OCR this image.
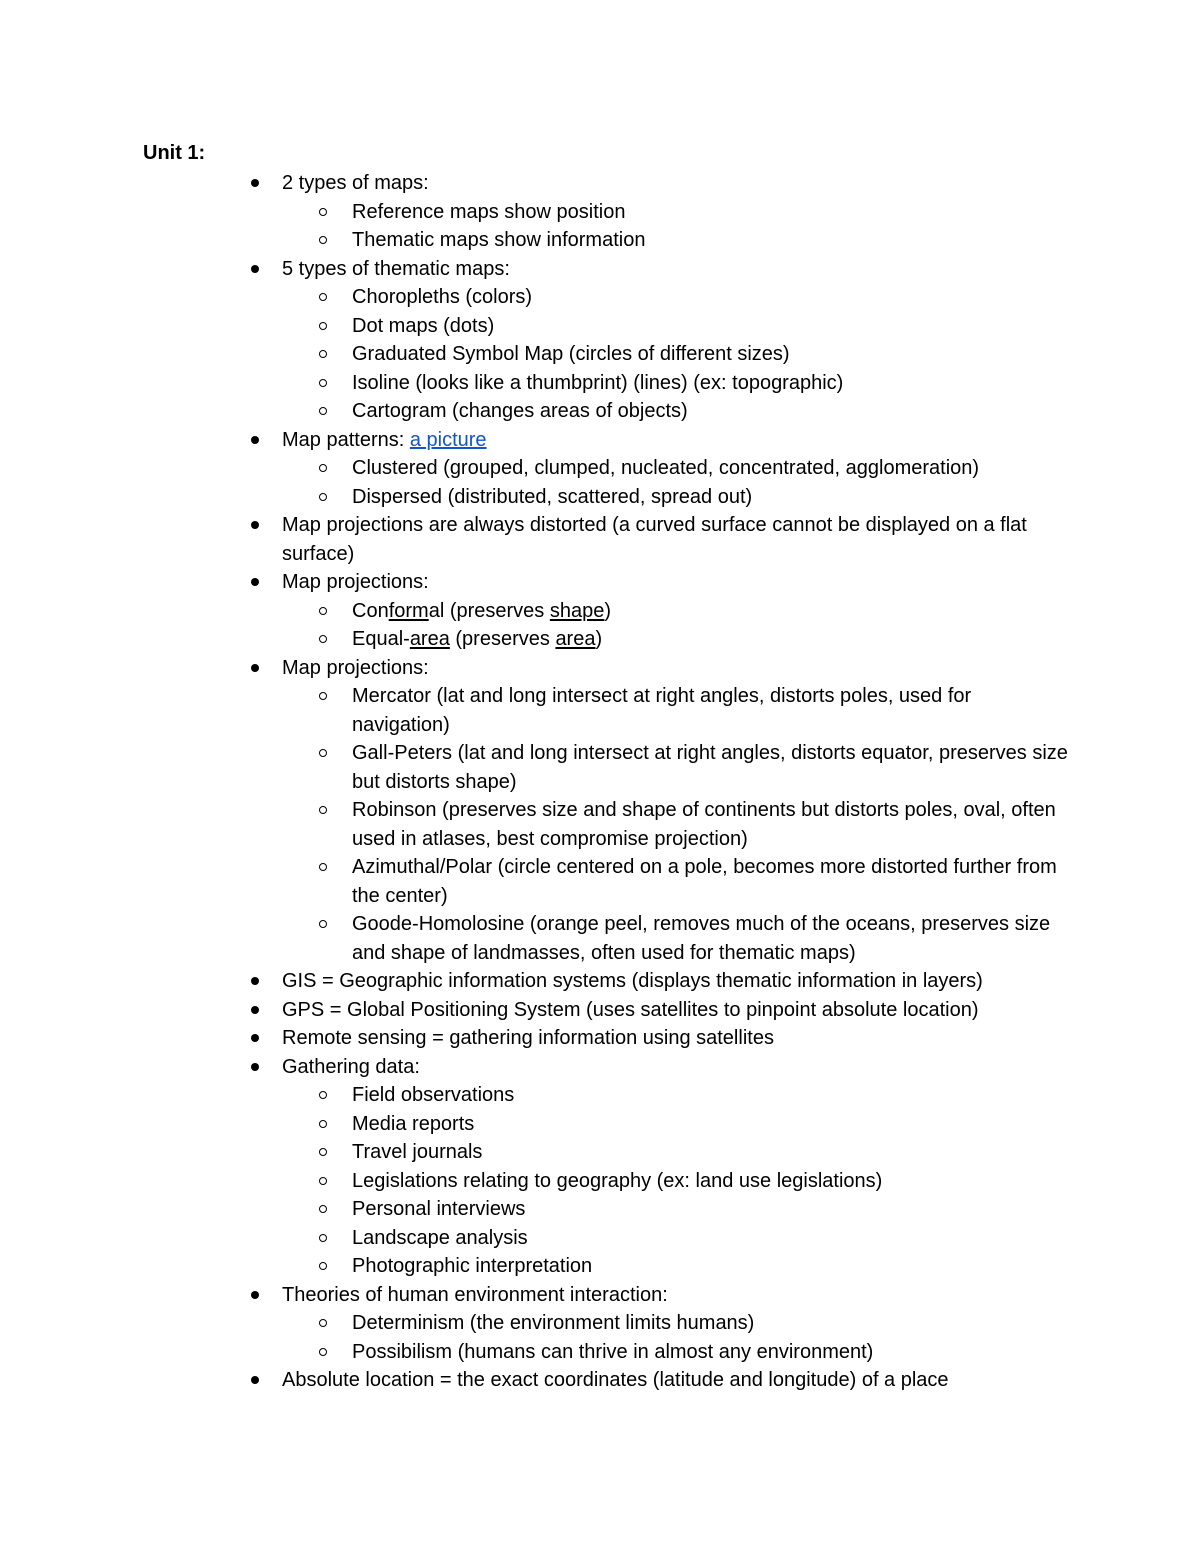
Unit 1:
2 types of maps:
Reference maps show position
Thematic maps show information
5 types of thematic maps:
Choropleths (colors)
Dot maps (dots)
Graduated Symbol Map (circles of different sizes)
Isoline (looks like a thumbprint) (lines) (ex: topographic)
Cartogram (changes areas of objects)
Map patterns: a picture
Clustered (grouped, clumped, nucleated, concentrated, agglomeration)
Dispersed (distributed, scattered, spread out)
Map projections are always distorted (a curved surface cannot be displayed on a flat surface)
Map projections:
Conformal (preserves shape)
Equal-area (preserves area)
Map projections:
Mercator (lat and long intersect at right angles, distorts poles, used for navigation)
Gall-Peters (lat and long intersect at right angles, distorts equator, preserves size but distorts shape)
Robinson (preserves size and shape of continents but distorts poles, oval, often used in atlases, best compromise projection)
Azimuthal/Polar (circle centered on a pole, becomes more distorted further from the center)
Goode-Homolosine (orange peel, removes much of the oceans, preserves size and shape of landmasses, often used for thematic maps)
GIS = Geographic information systems (displays thematic information in layers)
GPS = Global Positioning System (uses satellites to pinpoint absolute location)
Remote sensing = gathering information using satellites
Gathering data:
Field observations
Media reports
Travel journals
Legislations relating to geography (ex: land use legislations)
Personal interviews
Landscape analysis
Photographic interpretation
Theories of human environment interaction:
Determinism (the environment limits humans)
Possibilism (humans can thrive in almost any environment)
Absolute location = the exact coordinates (latitude and longitude) of a place
